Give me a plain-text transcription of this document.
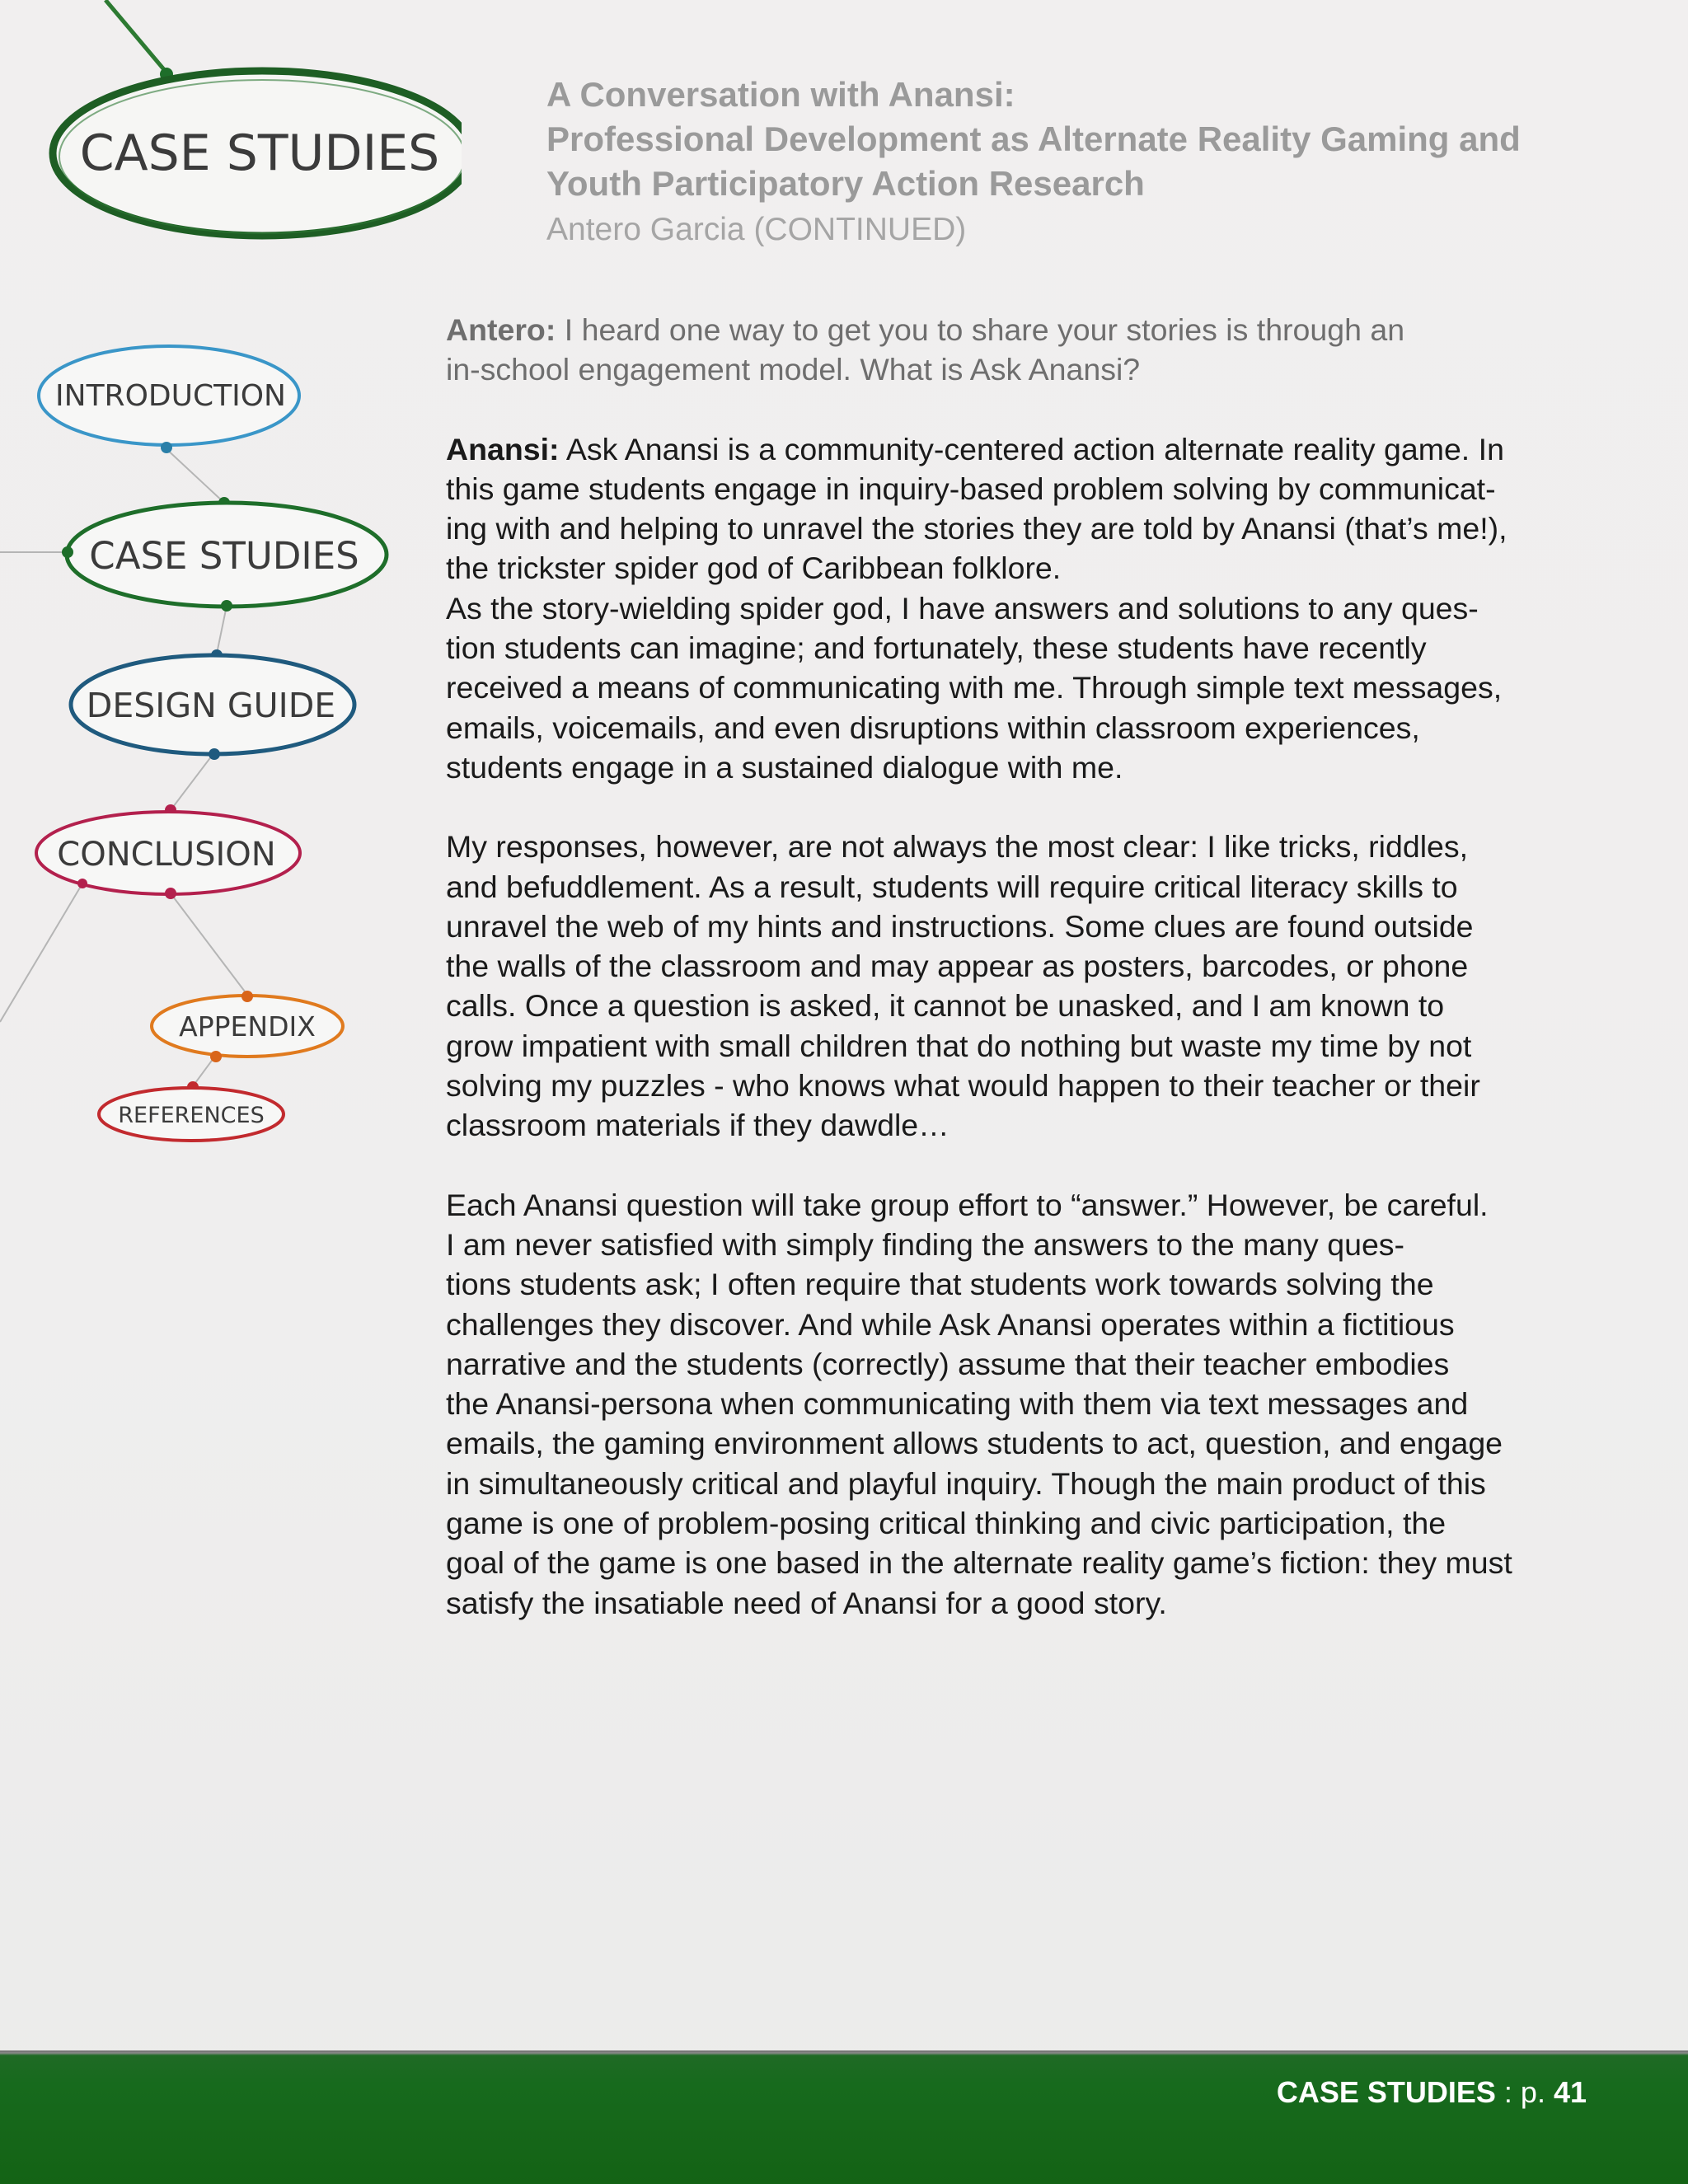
CASE STUDIES
INTRODUCTION
CASE STUDIES
DESIGN GUIDE
CONCLUSION
APPENDIX
REFERENCES
A Conversation with Anansi:
Professional Development as Alternate Reality Gaming and
Youth Participatory Action Research
Antero Garcia (CONTINUED)

Antero: I heard one way to get you to share your stories is through an
in-school engagement model. What is Ask Anansi?

Anansi: Ask Anansi is a community-centered action alternate reality game. In
this game students engage in inquiry-based problem solving by communicat-
ing with and helping to unravel the stories they are told by Anansi (that’s me!),
the trickster spider god of Caribbean folklore.
As the story-wielding spider god, I have answers and solutions to any ques-
tion students can imagine; and fortunately, these students have recently
received a means of communicating with me. Through simple text messages,
emails, voicemails, and even disruptions within classroom experiences,
students engage in a sustained dialogue with me.

My responses, however, are not always the most clear: I like tricks, riddles,
and befuddlement. As a result, students will require critical literacy skills to
unravel the web of my hints and instructions. Some clues are found outside
the walls of the classroom and may appear as posters, barcodes, or phone
calls. Once a question is asked, it cannot be unasked, and I am known to
grow impatient with small children that do nothing but waste my time by not
solving my puzzles - who knows what would happen to their teacher or their
classroom materials if they dawdle…

Each Anansi question will take group effort to “answer.” However, be careful.
I am never satisfied with simply finding the answers to the many ques-
tions students ask; I often require that students work towards solving the
challenges they discover. And while Ask Anansi operates within a fictitious
narrative and the students (correctly) assume that their teacher embodies
the Anansi-persona when communicating with them via text messages and
emails, the gaming environment allows students to act, question, and engage
in simultaneously critical and playful inquiry. Though the main product of this
game is one of problem-posing critical thinking and civic participation, the
goal of the game is one based in the alternate reality game’s fiction: they must
satisfy the insatiable need of Anansi for a good story.

CASE STUDIES : p. 41
